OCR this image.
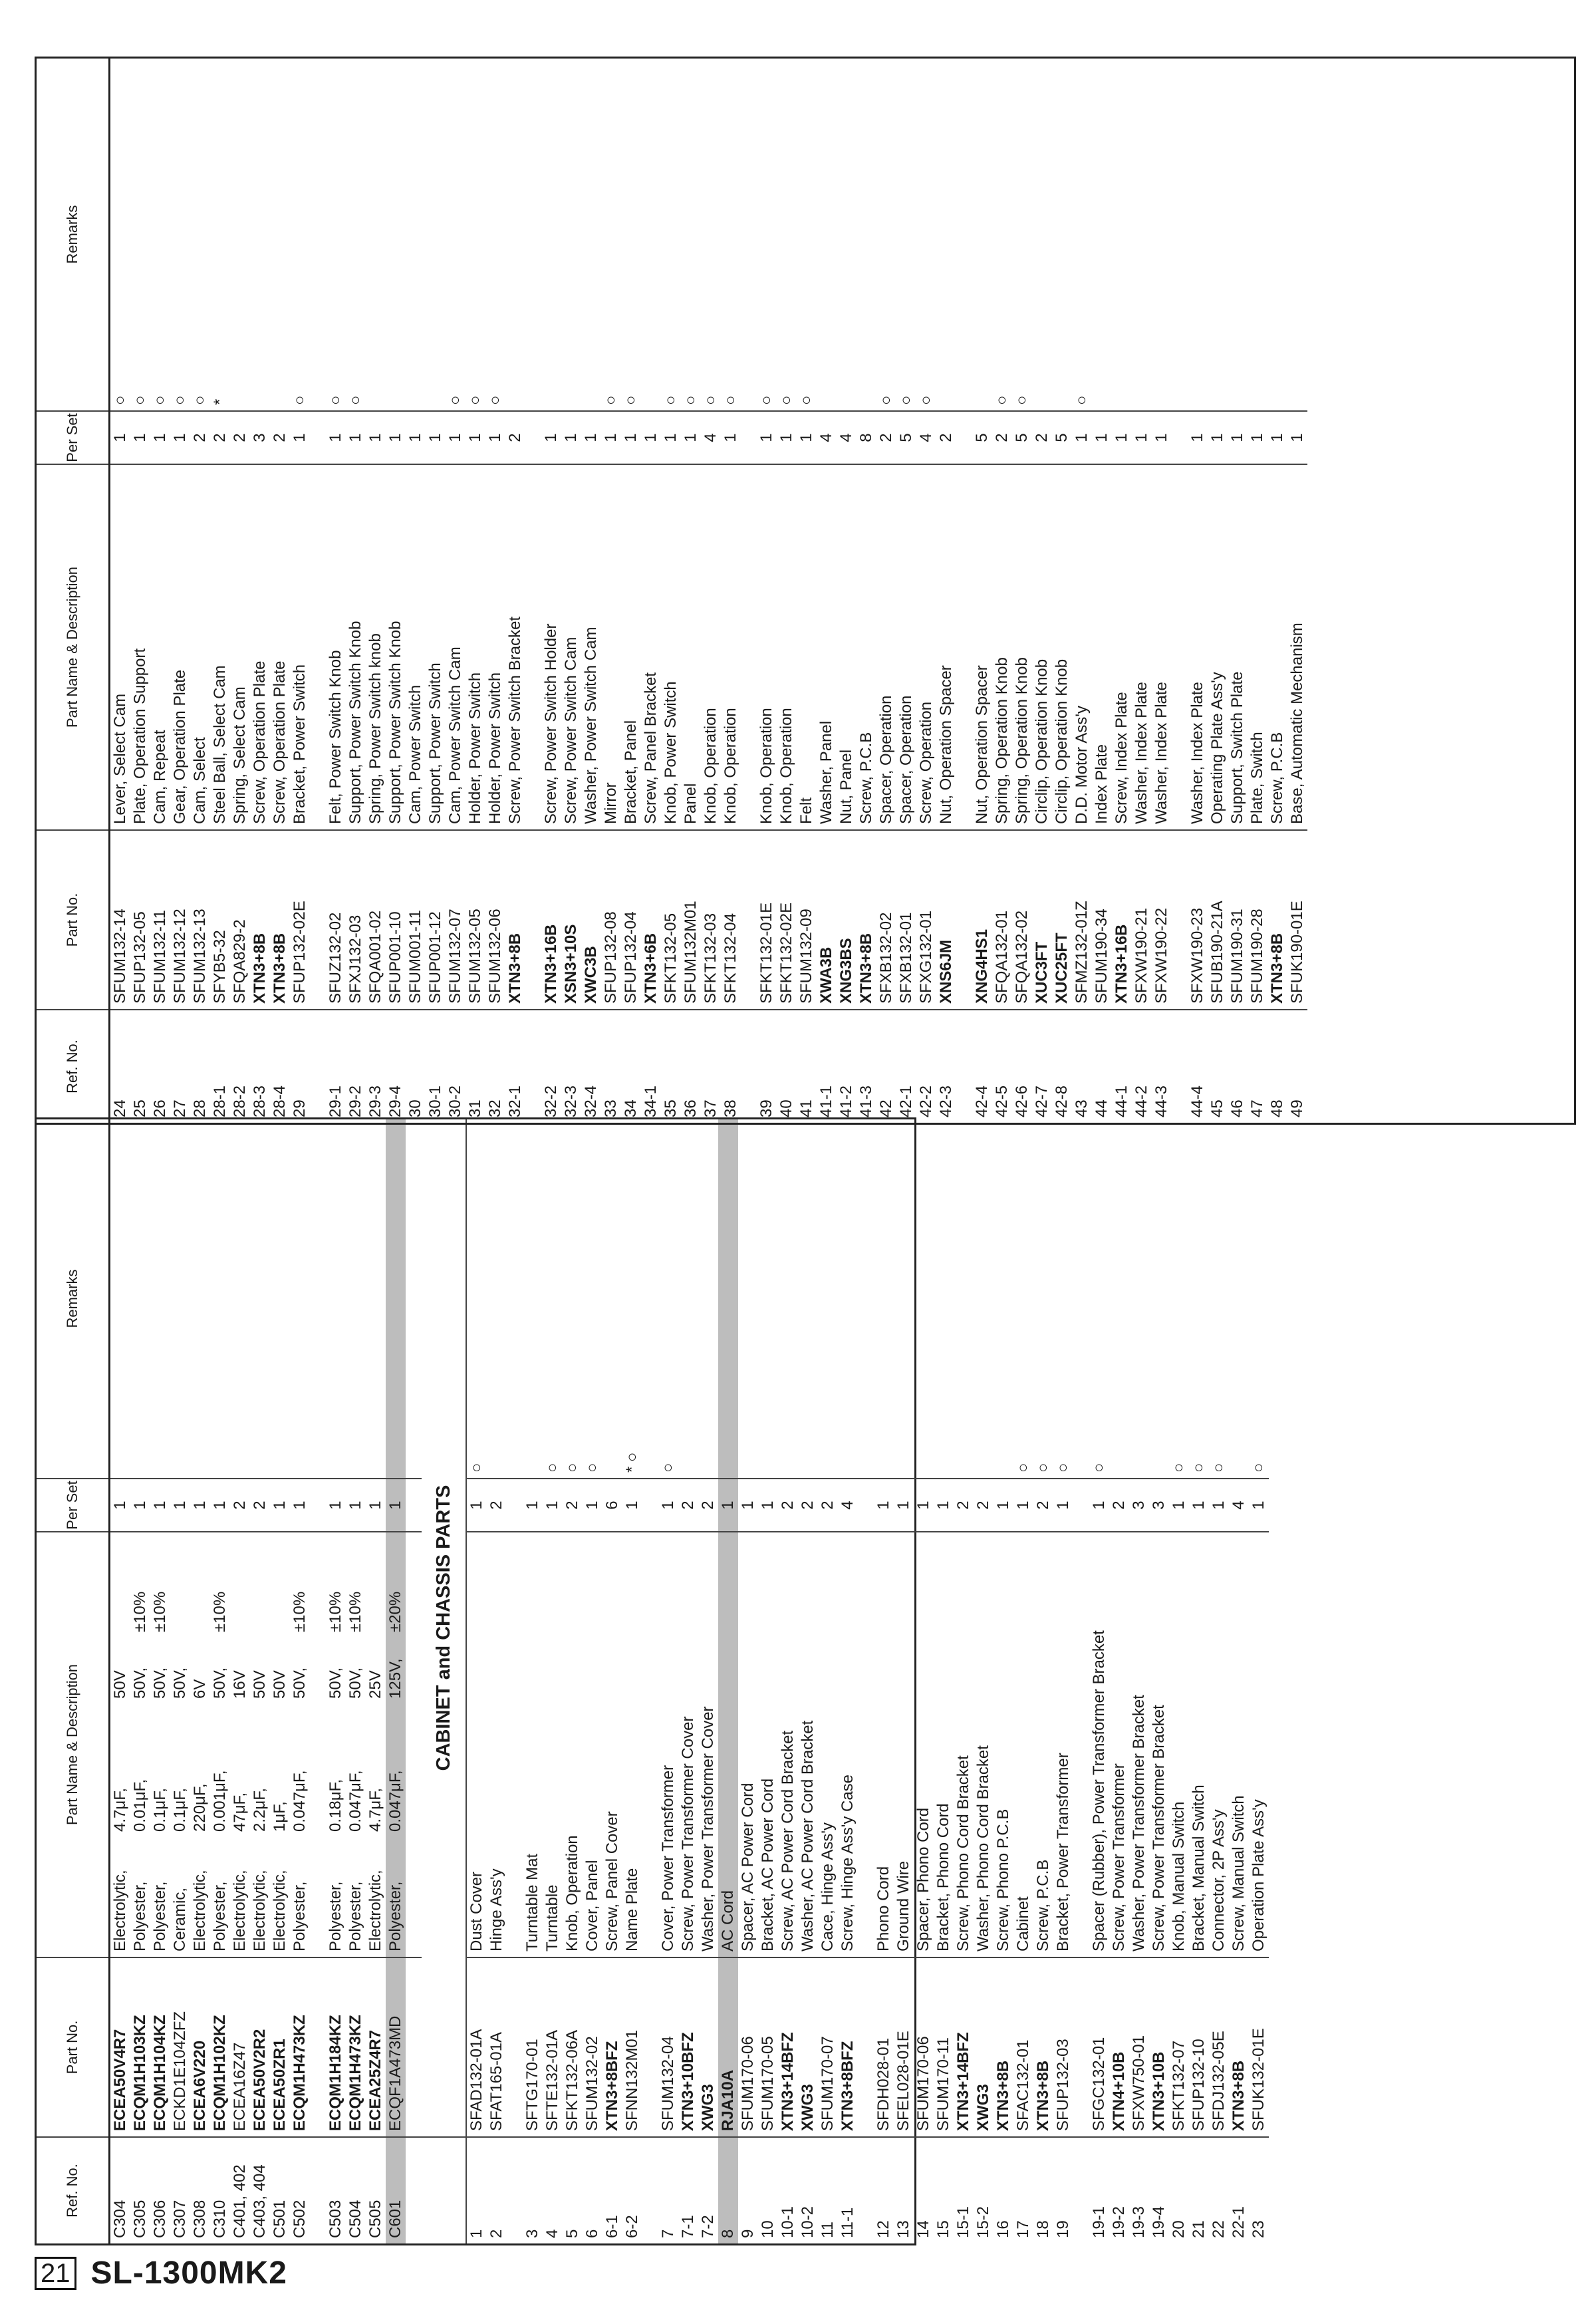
Ref. No.	Part No.	Part Name & Description	Per Set	Remarks
C304	ECEA50V4R7	Electrolytic,4.7μF,50V	1	
C305	ECQM1H103KZ	Polyester,0.01μF,50V,±10%	1	
C306	ECQM1H104KZ	Polyester,0.1μF,50V,±10%	1	
C307	ECKD1E104ZFZ	Ceramic,0.1μF,50V,	1	
C308	ECEA6V220	Electrolytic,220μF,6V	1	
C310	ECQM1H102KZ	Polyester,0.001μF,50V,±10%	1	
C401, 402	ECEA16Z47	Electrolytic,47μF,16V	2	
C403, 404	ECEA50V2R2	Electrolytic,2.2μF,50V	2	
C501	ECEA50ZR1	Electrolytic,1μF,50V	1	
C502	ECQM1H473KZ	Polyester,0.047μF,50V,±10%	1	

C503	ECQM1H184KZ	Polyester,0.18μF,50V,±10%	1	
C504	ECQM1H473KZ	Polyester,0.047μF,50V,±10%	1	
C505	ECEA25Z4R7	Electrolytic,4.7μF,25V	1	
C601	ECQF1A473MD	Polyester,0.047μF,125V,±20%	1	

	CABINET and CHASSIS PARTS			
1	SFAD132-01A	Dust Cover	1	○
2	SFAT165-01A	Hinge Ass'y	2	

3	SFTG170-01	Turntable Mat	1	
4	SFTE132-01A	Turntable	1	○
5	SFKT132-06A	Knob, Operation	2	○
6	SFUM132-02	Cover, Panel	1	○
6-1	XTN3+8BFZ	Screw, Panel Cover	6	
6-2	SFNN132M01	Name Plate	1	* ○

7	SFUM132-04	Cover, Power Transformer	1	○
7-1	XTN3+10BFZ	Screw, Power Transformer Cover	2	
7-2	XWG3	Washer, Power Transformer Cover	2	
8	RJA10A	AC Cord	1	
9	SFUM170-06	Spacer, AC Power Cord	1	
10	SFUM170-05	Bracket, AC Power Cord	1	
10-1	XTN3+14BFZ	Screw, AC Power Cord Bracket	2	
10-2	XWG3	Washer, AC Power Cord Bracket	2	
11	SFUM170-07	Cace, Hinge Ass'y	2	
11-1	XTN3+8BFZ	Screw, Hinge Ass'y Case	4	

12	SFDH028-01	Phono Cord	1	
13	SFEL028-01E	Ground Wire	1	
14	SFUM170-06	Spacer, Phono Cord	1	
15	SFUM170-11	Bracket, Phono Cord	1	
15-1	XTN3+14BFZ	Screw, Phono Cord Bracket	2	
15-2	XWG3	Washer, Phono Cord Bracket	2	
16	XTN3+8B	Screw, Phono P.C.B	1	
17	SFAC132-01	Cabinet	1	○
18	XTN3+8B	Screw, P.C.B	2	○
19	SFUP132-03	Bracket, Power Transformer	1	○

19-1	SFGC132-01	Spacer (Rubber), Power Transformer Bracket	1	○
19-2	XTN4+10B	Screw, Power Transformer	2	
19-3	SFXW750-01	Washer, Power Transformer Bracket	3	
19-4	XTN3+10B	Screw, Power Transformer Bracket	3	
20	SFKT132-07	Knob, Manual Switch	1	○
21	SFUP132-10	Bracket, Manual Switch	1	○
22	SFDJ132-05E	Connector, 2P Ass'y	1	○
22-1	XTN3+8B	Screw, Manual Switch	4	
23	SFUK132-01E	Operation Plate Ass'y	1	○
Ref. No.	Part No.	Part Name & Description	Per Set	Remarks
24	SFUM132-14	Lever, Select Cam	1	○
25	SFUP132-05	Plate, Operation Support	1	○
26	SFUM132-11	Cam, Repeat	1	○
27	SFUM132-12	Gear, Operation Plate	1	○
28	SFUM132-13	Cam, Select	2	○
28-1	SFYB5-32	Steel Ball, Select Cam	2	*
28-2	SFQA829-2	Spring, Select Cam	2	
28-3	XTN3+8B	Screw, Operation Plate	3	
28-4	XTN3+8B	Screw, Operation Plate	2	
29	SFUP132-02E	Bracket, Power Switch	1	○

29-1	SFUZ132-02	Felt, Power Switch Knob	1	○
29-2	SFXJ132-03	Support, Power Switch Knob	1	○
29-3	SFQA001-02	Spring, Power Switch knob	1	
29-4	SFUP001-10	Support, Power Switch Knob	1	
30	SFUM001-11	Cam, Power Switch	1	
30-1	SFUP001-12	Support, Power Switch	1	
30-2	SFUM132-07	Cam, Power Switch Cam	1	○
31	SFUM132-05	Holder, Power Switch	1	○
32	SFUM132-06	Holder, Power Switch	1	○
32-1	XTN3+8B	Screw, Power Switch Bracket	2	

32-2	XTN3+16B	Screw, Power Switch Holder	1	
32-3	XSN3+10S	Screw, Power Switch Cam	1	
32-4	XWC3B	Washer, Power Switch Cam	1	
33	SFUP132-08	Mirror	1	○
34	SFUP132-04	Bracket, Panel	1	○
34-1	XTN3+6B	Screw, Panel Bracket	1	
35	SFKT132-05	Knob, Power Switch	1	○
36	SFUM132M01	Panel	1	○
37	SFKT132-03	Knob, Operation	4	○
38	SFKT132-04	Knob, Operation	1	○

39	SFKT132-01E	Knob, Operation	1	○
40	SFKT132-02E	Knob, Operation	1	○
41	SFUM132-09	Felt	1	○
41-1	XWA3B	Washer, Panel	4	
41-2	XNG3BS	Nut, Panel	4	
41-3	XTN3+8B	Screw, P.C.B	8	
42	SFXB132-02	Spacer, Operation	2	○
42-1	SFXB132-01	Spacer, Operation	5	○
42-2	SFXG132-01	Screw, Operation	4	○
42-3	XNS6JM	Nut, Operation Spacer	2	

42-4	XNG4HS1	Nut, Operation Spacer	5	
42-5	SFQA132-01	Spring, Operation Knob	2	○
42-6	SFQA132-02	Spring, Operation Knob	5	○
42-7	XUC3FT	Circlip, Operation Knob	2	
42-8	XUC25FT	Circlip, Operation Knob	5	
43	SFMZ132-01Z	D.D. Motor Ass'y	1	○
44	SFUM190-34	Index Plate	1	
44-1	XTN3+16B	Screw, Index Plate	1	
44-2	SFXW190-21	Washer, Index Plate	1	
44-3	SFXW190-22	Washer, Index Plate	1	

44-4	SFXW190-23	Washer, Index Plate	1	
45	SFUB190-21A	Operating Plate Ass'y	1	
46	SFUM190-31	Support, Switch Plate	1	
47	SFUM190-28	Plate, Switch	1	
48	XTN3+8B	Screw, P.C.B	1	
49	SFUK190-01E	Base, Automatic Mechanism	1	
21 SL-1300MK2
